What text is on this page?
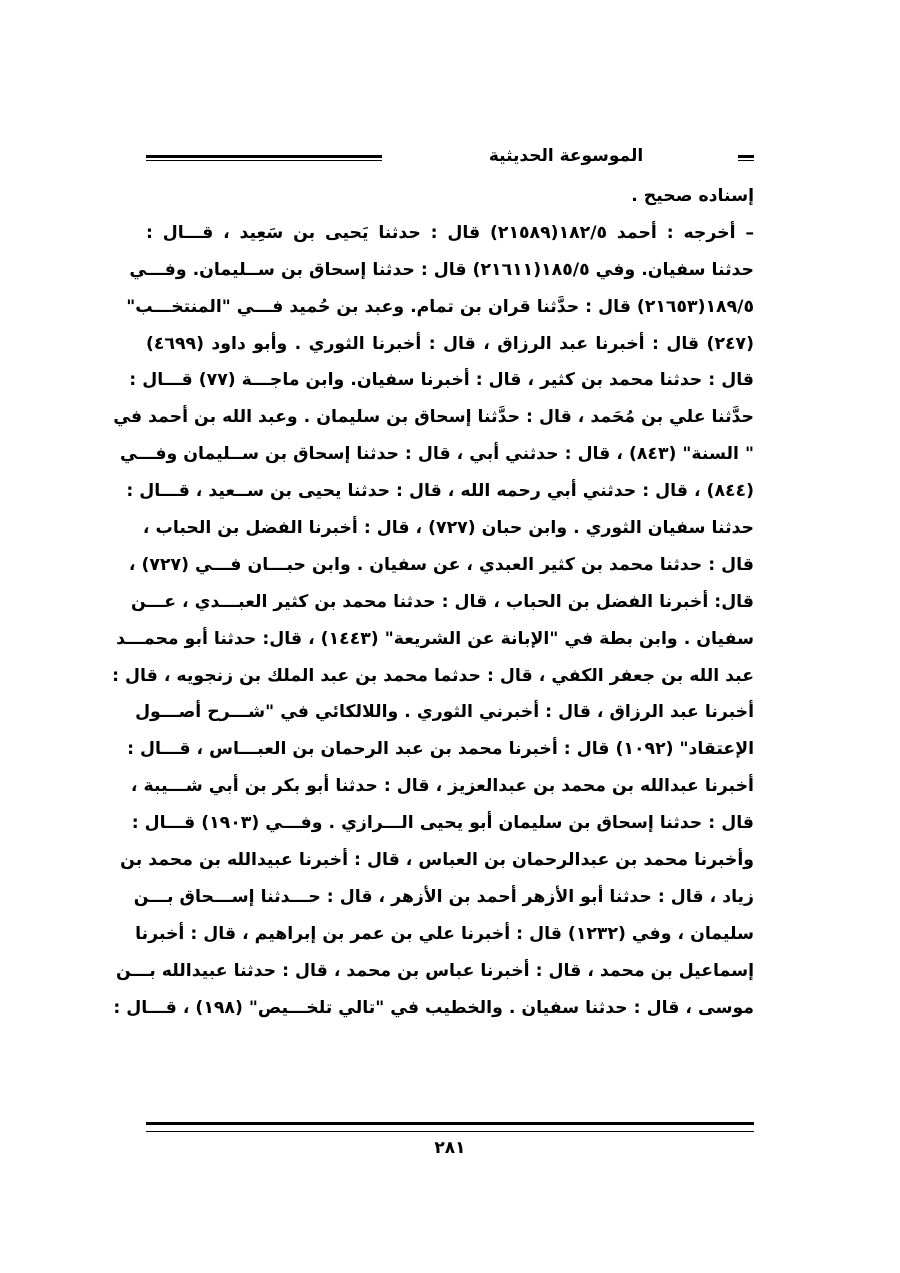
الموسوعة الحديثية
إسناده صحيح .
– أخرجه : أحمد ١٨٢/٥(٢١٥٨٩) قال : حدثنا يَحيى بن سَعِيد ، قـــال :
حدثنا سفيان. وفي ١٨٥/٥(٢١٦١١) قال : حدثنا إسحاق بن ســليمان. وفـــي
١٨٩/٥(٢١٦٥٣) قال : حدَّثنا قران بن تمام. وعبد بن حُميد فـــي "المنتخـــب"
(٢٤٧) قال : أخبرنا عبد الرزاق ، قال : أخبرنا الثوري . وأبو داود (٤٦٩٩)
قال : حدثنا محمد بن كثير ، قال : أخبرنا سفيان. وابن ماجـــة (٧٧) قـــال :
حدَّثنا علي بن مُحَمد ، قال : حدَّثنا إسحاق بن سليمان . وعبد الله بن أحمد في
" السنة" (٨٤٣) ، قال : حدثني أبي ، قال : حدثنا إسحاق بن ســليمان وفـــي
(٨٤٤) ، قال : حدثني أبي رحمه الله ، قال : حدثنا يحيى بن ســعيد ، قـــال :
حدثنا سفيان الثوري . وابن حبان (٧٢٧) ، قال : أخبرنا الفضل بن الحباب ،
قال : حدثنا محمد بن كثير العبدي ، عن سفيان . وابن حبـــان فـــي (٧٢٧) ،
قال: أخبرنا الفضل بن الحباب ، قال : حدثنا محمد بن كثير العبـــدي ، عـــن
سفيان . وابن بطة في "الإبانة عن الشريعة" (١٤٤٣) ، قال: حدثنا أبو محمـــد
عبد الله بن جعفر الكفي ، قال : حدثما محمد بن عبد الملك بن زنجويه ، قال :
أخبرنا عبد الرزاق ، قال : أخبرني الثوري . واللالكائي في "شـــرح أصـــول
الإعتقاد" (١٠٩٢) قال : أخبرنا محمد بن عبد الرحمان بن العبـــاس ، قـــال :
أخبرنا عبدالله بن محمد بن عبدالعزيز ، قال : حدثنا أبو بكر بن أبي شـــيبة ،
قال : حدثنا إسحاق بن سليمان أبو يحيى الـــرازي . وفـــي (١٩٠٣) قـــال :
وأخبرنا محمد بن عبدالرحمان بن العباس ، قال : أخبرنا عبيدالله بن محمد بن
زياد ، قال : حدثنا أبو الأزهر أحمد بن الأزهر ، قال : حـــدثنا إســـحاق بـــن
سليمان ، وفي (١٢٣٢) قال : أخبرنا علي بن عمر بن إبراهيم ، قال : أخبرنا
إسماعيل بن محمد ، قال : أخبرنا عباس بن محمد ، قال : حدثنا عبيدالله بـــن
موسى ، قال : حدثنا سفيان . والخطيب في "تالي تلخـــيص" (١٩٨) ، قـــال :
٢٨١
